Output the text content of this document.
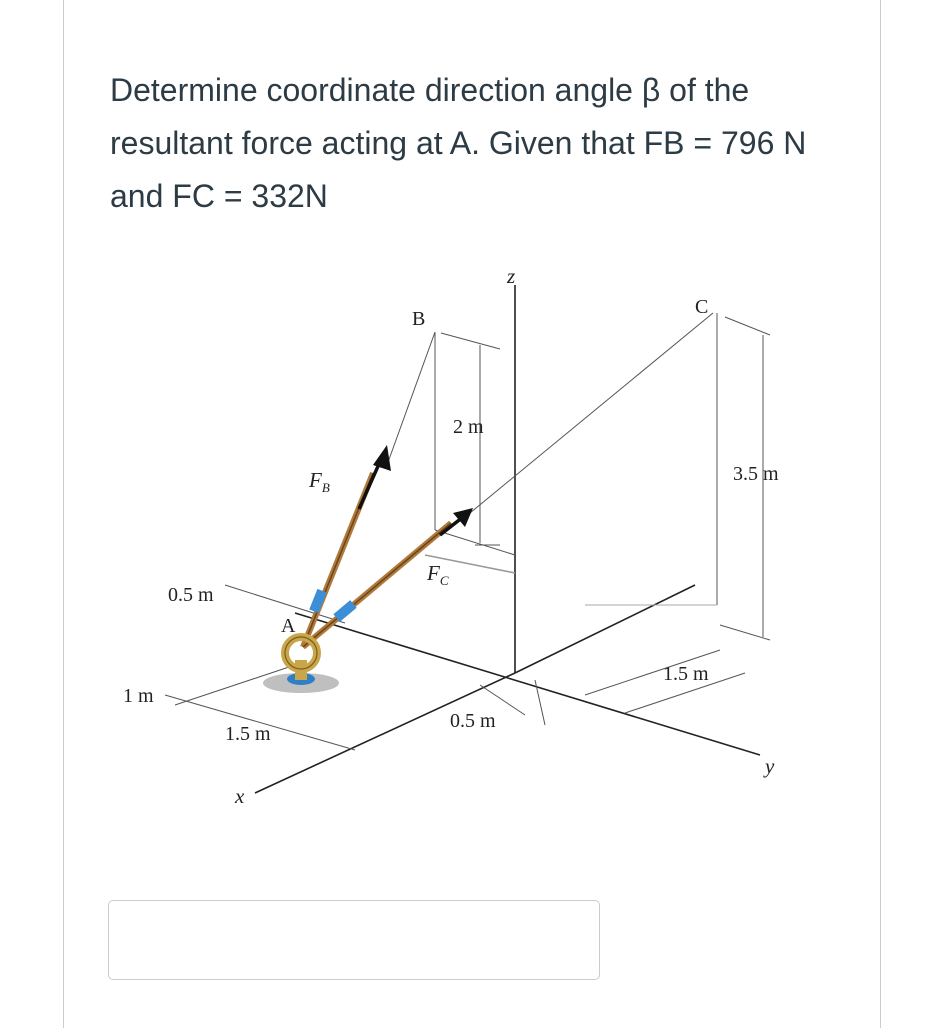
Determine coordinate direction angle β of the resultant force acting at A. Given that FB = 796 N and FC = 332N

z
y
x
A
B
C
$F_B$
$F_C$
2 m
3.5 m
0.5 m
1 m
1.5 m
0.5 m
1.5 m
